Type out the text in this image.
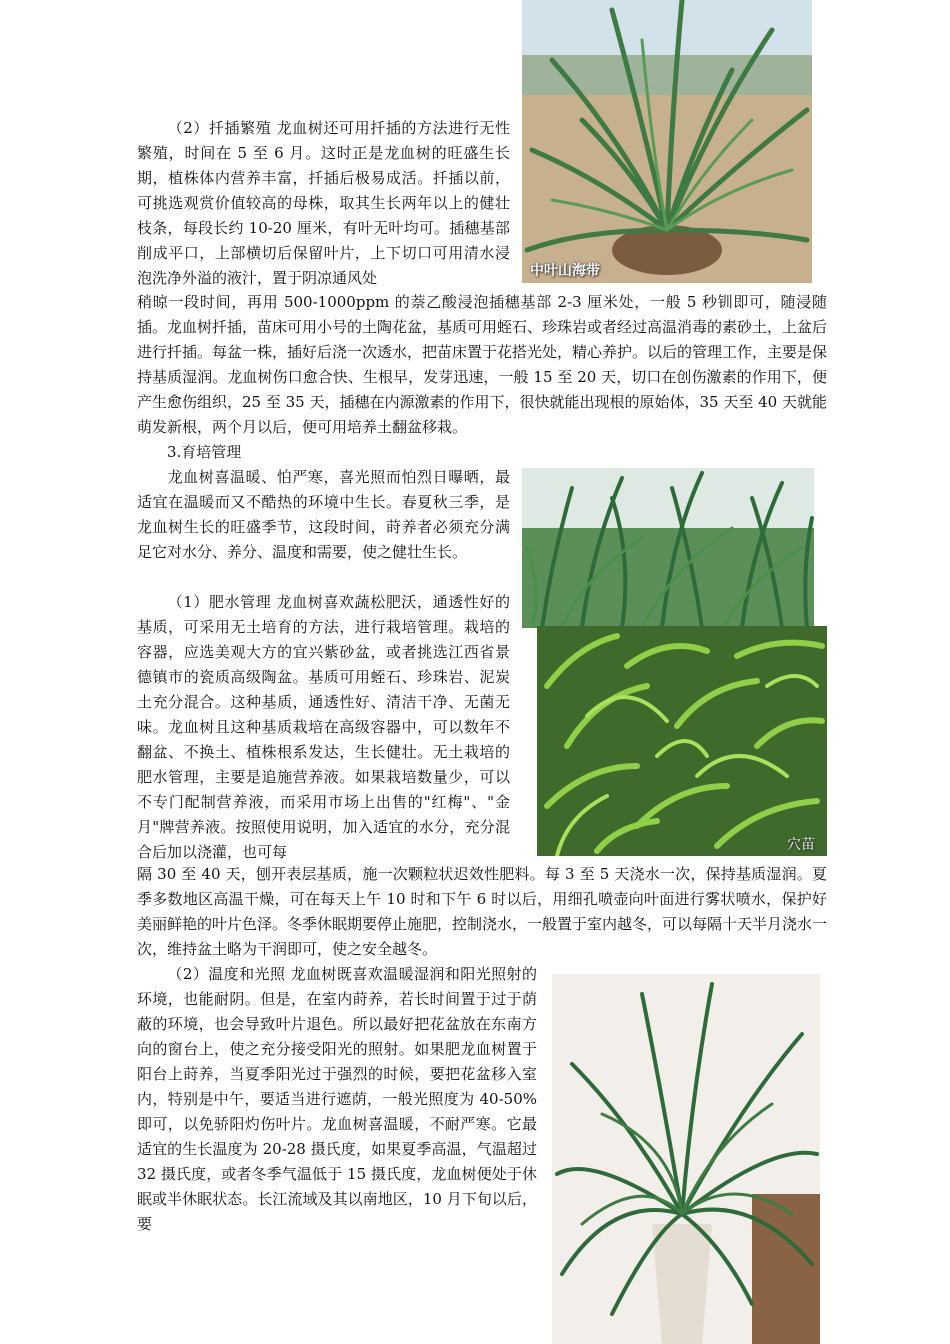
中叶山海带

（2）扦插繁殖 龙血树还可用扦插的方法进行无性繁殖，时间在 5 至 6 月。这时正是龙血树的旺盛生长期，植株体内营养丰富，扦插后极易成活。扦插以前，可挑选观赏价值较高的母株，取其生长两年以上的健壮枝条，每段长约 10-20 厘米，有叶无叶均可。插穗基部削成平口，上部横切后保留叶片，上下切口可用清水浸泡洗净外溢的液汁，置于阴凉通风处

稍晾一段时间，再用 500-1000ppm 的萘乙酸浸泡插穗基部 2-3 厘米处，一般 5 秒钏即可，随浸随插。龙血树扦插，苗床可用小号的土陶花盆，基质可用蛭石、珍珠岩或者经过高温消毒的素砂土，上盆后进行扦插。每盆一株，插好后浇一次透水，把苗床置于花搭光处，精心养护。以后的管理工作，主要是保持基质湿润。龙血树伤口愈合快、生根早，发芽迅速，一般 15 至 20 天，切口在创伤激素的作用下，便产生愈伤组织，25 至 35 天，插穗在内源激素的作用下，很快就能出现根的原始体，35 天至 40 天就能萌发新根，两个月以后，便可用培养土翻盆移栽。

3.育培管理

穴苗

龙血树喜温暖、怕严寒，喜光照而怕烈日曝晒，最适宜在温暖而又不酷热的环境中生长。春夏秋三季，是龙血树生长的旺盛季节，这段时间，莳养者必须充分满足它对水分、养分、温度和需要，使之健壮生长。

（1）肥水管理 龙血树喜欢蔬松肥沃，通透性好的基质，可采用无土培育的方法，进行栽培管理。栽培的容器，应选美观大方的宜兴紫砂盆，或者挑选江西省景德镇市的瓷质高级陶盆。基质可用蛭石、珍珠岩、泥炭土充分混合。这种基质，通透性好、清洁干净、无菌无味。龙血树且这种基质栽培在高级容器中，可以数年不翻盆、不换土、植株根系发达，生长健壮。无土栽培的肥水管理，主要是追施营养液。如果栽培数量少，可以不专门配制营养液，而采用市场上出售的"红梅"、"金月"牌营养液。按照使用说明，加入适宜的水分，充分混合后加以浇灌，也可每

隔 30 至 40 天，刨开表层基质，施一次颗粒状迟效性肥料。每 3 至 5 天浇水一次，保持基质湿润。夏季多数地区高温干燥，可在每天上午 10 时和下午 6 时以后，用细孔喷壶向叶面进行雾状喷水，保护好美丽鲜艳的叶片色泽。冬季休眠期要停止施肥，控制浇水，一般置于室内越冬，可以每隔十天半月浇水一次，维持盆土略为干润即可，使之安全越冬。

（2）温度和光照 龙血树既喜欢温暖湿润和阳光照射的环境，也能耐阴。但是，在室内莳养，若长时间置于过于荫蔽的环境，也会导致叶片退色。所以最好把花盆放在东南方向的窗台上，使之充分接受阳光的照射。如果肥龙血树置于阳台上莳养，当夏季阳光过于强烈的时候，要把花盆移入室内，特别是中午，要适当进行遮荫，一般光照度为 40-50%即可，以免骄阳灼伤叶片。龙血树喜温暖，不耐严寒。它最适宜的生长温度为 20-28 摄氏度，如果夏季高温，气温超过 32 摄氏度，或者冬季气温低于 15 摄氏度，龙血树便处于休眠或半休眠状态。长江流域及其以南地区，10 月下旬以后，要
